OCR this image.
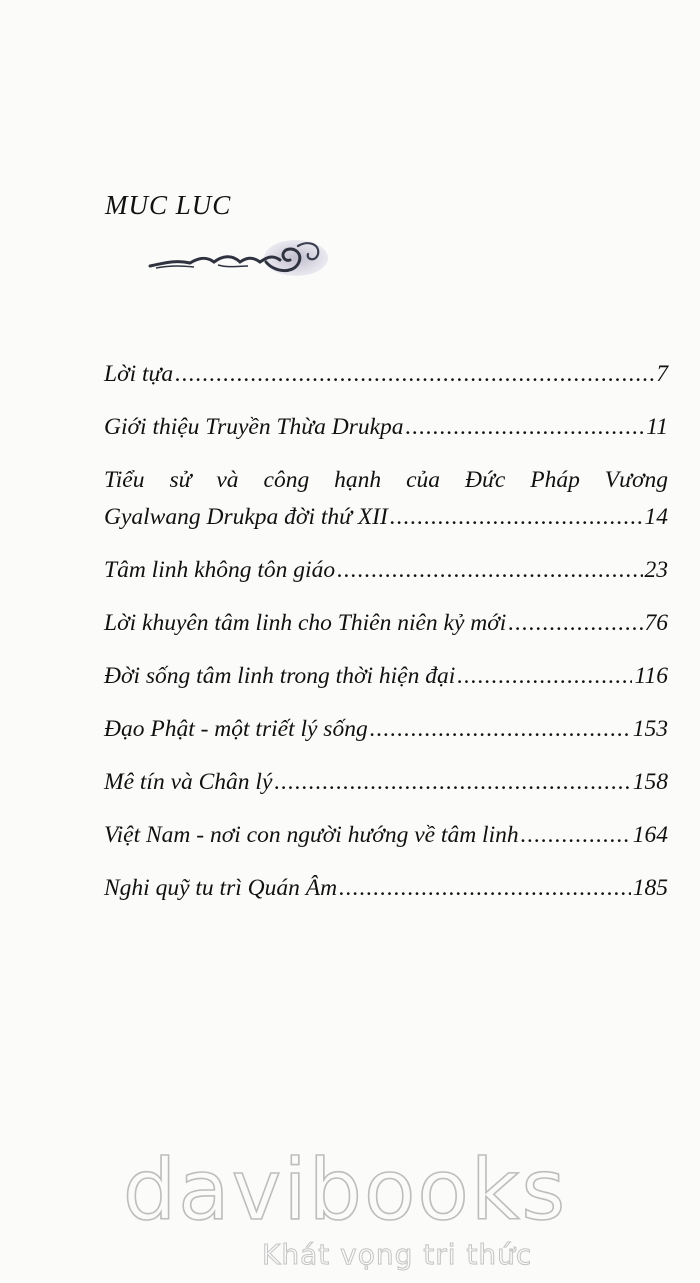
MUC LUC
Lời tựa .....	7
Giới thiệu Truyền Thừa Drukpa .....	11
Tiểu sử và công hạnh của Đức Pháp Vương
Gyalwang Drukpa đời thứ XII .....	14
Tâm linh không tôn giáo .....	23
Lời khuyên tâm linh cho Thiên niên kỷ mới .....	76
Đời sống tâm linh trong thời hiện đại .....	116
Đạo Phật - một triết lý sống .....	153
Mê tín và Chân lý .....	158
Việt Nam - nơi con người hướng về tâm linh .....	164
Nghi quỹ tu trì Quán Âm .....	185
davibooks
Khát vọng tri thức
